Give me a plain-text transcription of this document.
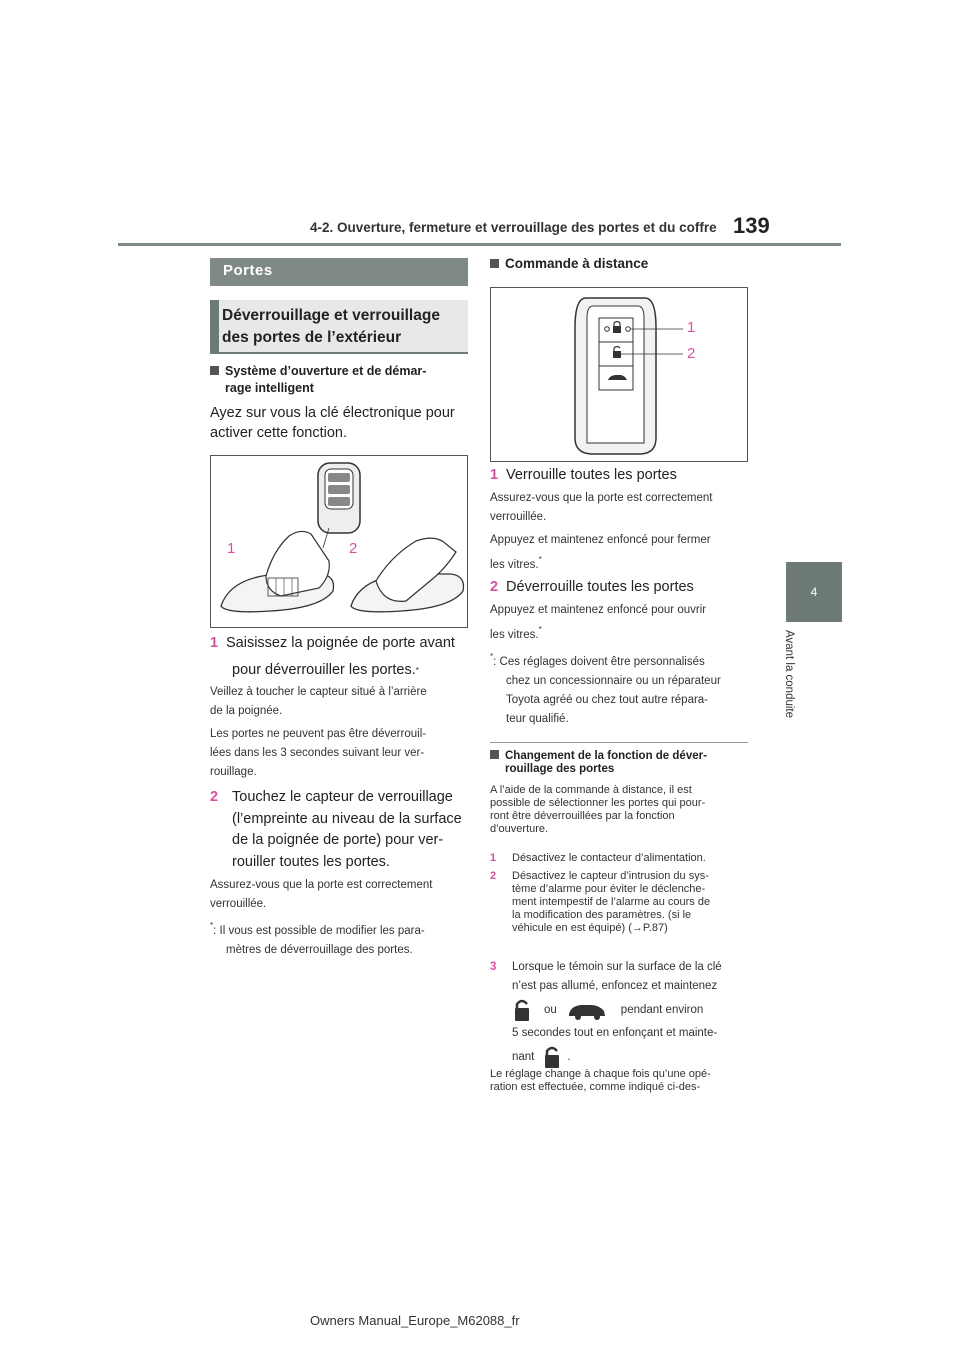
4-2. Ouverture, fermeture et verrouillage des portes et du coffre 139
4
Avant la conduite
Portes
Déverrouillage et verrouillage
des portes de l’extérieur
Système d’ouverture et de démar-
rage intelligent
Ayez sur vous la clé électronique pour
activer cette fonction.
1	2
1 Saisissez la poignée de porte avant
pour déverrouiller les portes. *
Veillez à toucher le capteur situé à l’arrière
de la poignée.
Les portes ne peuvent pas être déverrouil-
lées dans les 3 secondes suivant leur ver-
rouillage.
2 Touchez le capteur de verrouillage
(l’empreinte au niveau de la surface
de la poignée de porte) pour ver-
rouiller toutes les portes.
Assurez-vous que la porte est correctement
verrouillée.
*: Il vous est possible de modifier les para-
mètres de déverrouillage des portes.
Commande à distance
1
2
1 Verrouille toutes les portes
Assurez-vous que la porte est correctement
verrouillée.
Appuyez et maintenez enfoncé pour fermer
les vitres.*
2 Déverrouille toutes les portes
Appuyez et maintenez enfoncé pour ouvrir
les vitres.*
*: Ces réglages doivent être personnalisés
chez un concessionnaire ou un réparateur
Toyota agréé ou chez tout autre répara-
teur qualifié.
Changement de la fonction de déver-
rouillage des portes
A l’aide de la commande à distance, il est
possible de sélectionner les portes qui pour-
ront être déverrouillées par la fonction
d’ouverture.
1	Désactivez le contacteur d’alimentation.
2	Désactivez le capteur d’intrusion du sys-
tème d’alarme pour éviter le déclenche-
ment intempestif de l’alarme au cours de
la modification des paramètres. (si le
véhicule en est équipé) (→P.87)
3	Lorsque le témoin sur la surface de la clé
n’est pas allumé, enfoncez et maintenez
ou	pendant environ
5 secondes tout en enfonçant et mainte-
nant	.
Le réglage change à chaque fois qu’une opé-
ration est effectuée, comme indiqué ci-des-
Owners Manual_Europe_M62088_fr
